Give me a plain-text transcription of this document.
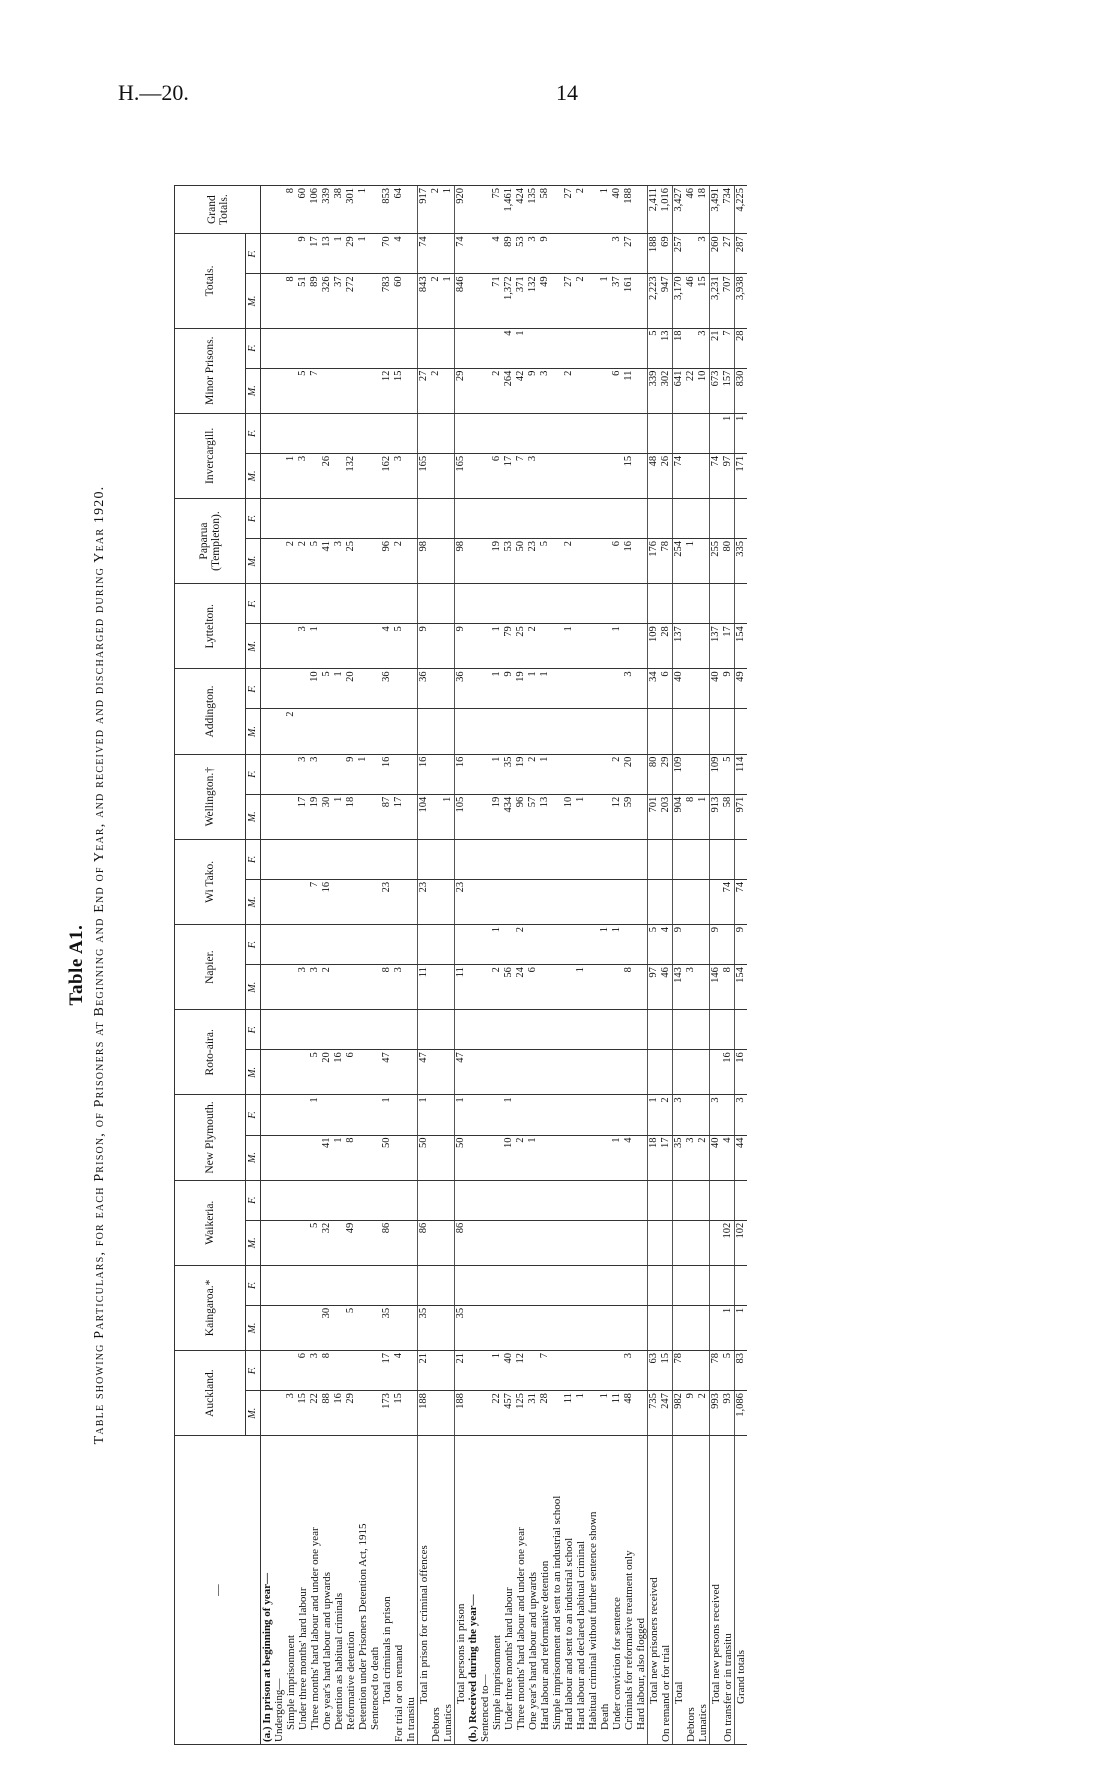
H.—20.	14
Table A1. Table showing Particulars, for each Prison, of Prisoners at Beginning and End of Year, and received and discharged during Year 1920.
—	Auckland.		Kaingaroa.*		Waikeria.		New Plymouth.		Roto-aira.		Napier.		Wi Tako.		Wellington.†		Addington.		Lyttelton.		Paparua (Templeton).		Invercargill.		Minor Prisons.		Totals.		Grand Totals.
	M.	F.	M.	F.	M.	F.	M.	F.	M.	F.	M.	F.	M.	F.	M.	F.	M.	F.	M.	F.	M.	F.	M.	F.	M.	F.	M.	F.	
(a.) In prison at beginning of year—																													
Undergoing—																													
Simple imprisonment	3																2				2		1				8		8
Under three months' hard labour	15	6									3				17	3			3		2		3		5		51	9	60
Three months' hard labour and under one year	22	3			5			1	5		3		7		19	3		10	1		5				7		89	17	106
One year's hard labour and upwards	88	8	30		32		41		20		2		16		30			5			41		26				326	13	339
Detention as habitual criminals	16						1		16						1			1			3						37	1	38
Reformative detention	29		5		49		8		6						18	9		20			25		132				272	29	301
Detention under Prisoners Detention Act, 1915																1												1	1
Sentenced to death																													
Total criminals in prison	173	17	35		86		50	1	47		8		23		87	16		36	4		96		162		12		783	70	853
For trial or on remand	15	4									3				17				5		2		3		15		60	4	64
In transitu																													
Total in prison for criminal offences	188	21	35		86		50	1	47		11		23		104	16		36	9		98		165		27		843	74	917
Debtors																									2		2		2
Lunatics															1												1		1
Total persons in prison	188	21	35		86		50	1	47		11		23		105	16		36	9		98		165		29		846	74	920
(b.) Received during the year—																													
Sentenced to—																													
Simple imprisonment	22	1									2	1			19	1		1	1		19		6		2		71	4	75
Under three months' hard labour	457	40					10	1			56				434	35		9	79		53		17		264	4	1,372	89	1,461
Three months' hard labour and under one year	125	12					2				24	2			96	19		19	25		50		7		42	1	371	53	424
One year's hard labour and upwards	31						1				6				57	2		1	2		23		3		9		132	3	135
Hard labour and reformative detention	28	7													13	1		1			5				3		49	9	58
Simple imprisonment and sent to an industrial school																													
Hard labour and sent to an industrial school	11														10				1		2				2		27		27
Hard labour and declared habitual criminal	1										1				1												2		2
Habitual criminal without further sentence shown																													
Death	1											1															1		1
Under conviction for sentence	11						1					1			12	2			1		6				6		37	3	40
Criminals for reformative treatment only	48	3					4				8				59	20		3			16		15		11		161	27	188
Hard labour, also flogged																													
Total new prisoners received	735	63					18	1			97	5			701	80		34	109		176		48		339	5	2,223	188	2,411
On remand or for trial	247	15					17	2			46	4			203	29		6	28		78		26		302	13	947	69	1,016
Total	982	78					35	3			143	9			904	109		40	137		254		74		641	18	3,170	257	3,427
Debtors	9						3				3				8						1				22		46		46
Lunatics	2						2								1										10	3	15	3	18
Total new persons received	993	78					40	3			146	9			913	109		40	137		255		74		673	21	3,231	260	3,491
On transfer or in transitu	93	5	1		102		4		16		8		74		58	5		9	17		80		97	1	157	7	707	27	734
Grand totals	1,086	83	1		102		44	3	16		154	9	74		971	114		49	154		335		171	1	830	28	3,938	287	4,225
